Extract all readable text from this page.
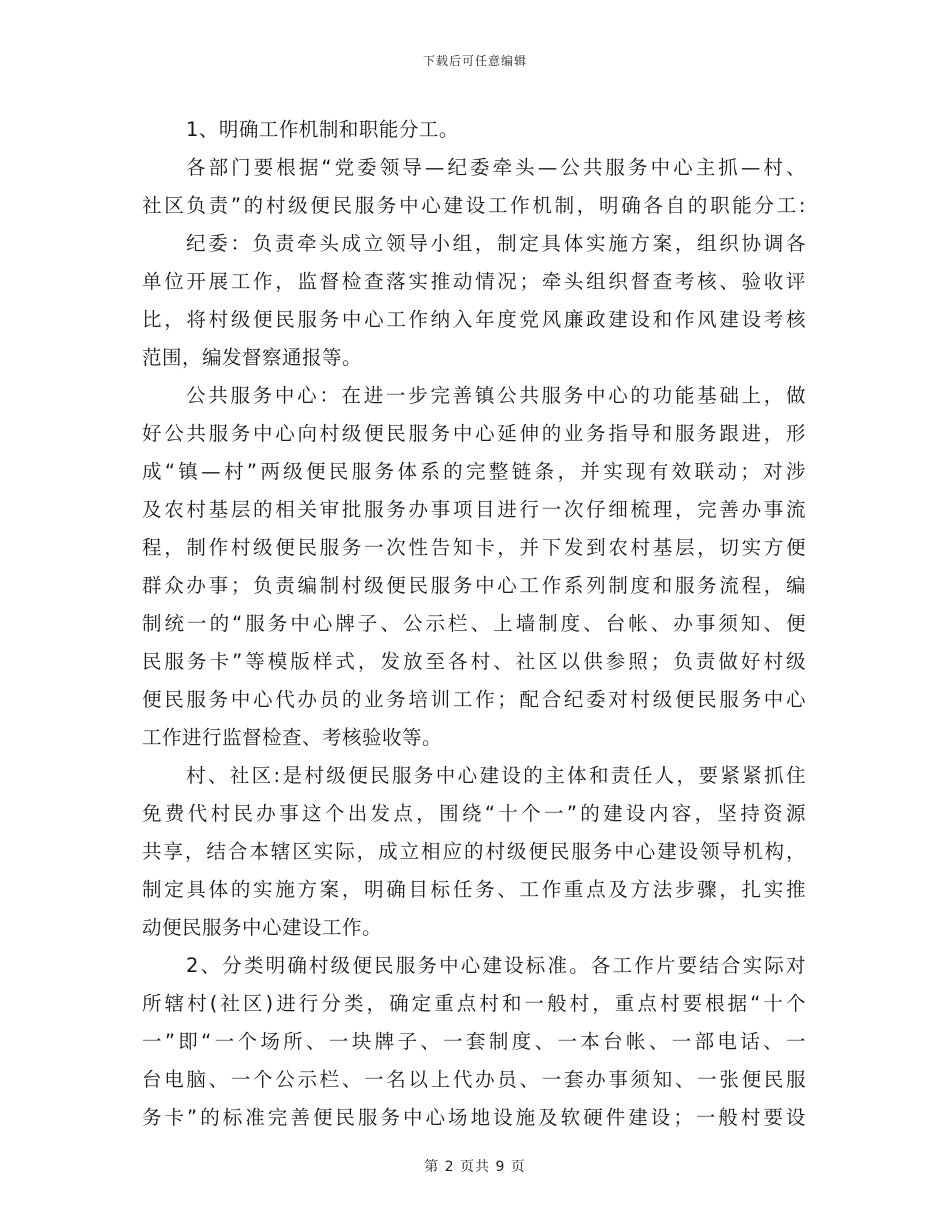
下载后可任意编辑
1、明确工作机制和职能分工。
各部门要根据“党委领导—纪委牵头—公共服务中心主抓—村、
社区负责”的村级便民服务中心建设工作机制，明确各自的职能分工:
纪委：负责牵头成立领导小组，制定具体实施方案，组织协调各
单位开展工作，监督检查落实推动情况；牵头组织督查考核、验收评
比，将村级便民服务中心工作纳入年度党风廉政建设和作风建设考核
范围，编发督察通报等。
公共服务中心：在进一步完善镇公共服务中心的功能基础上，做
好公共服务中心向村级便民服务中心延伸的业务指导和服务跟进，形
成“镇—村”两级便民服务体系的完整链条，并实现有效联动；对涉
及农村基层的相关审批服务办事项目进行一次仔细梳理，完善办事流
程，制作村级便民服务一次性告知卡，并下发到农村基层，切实方便
群众办事；负责编制村级便民服务中心工作系列制度和服务流程，编
制统一的“服务中心牌子、公示栏、上墙制度、台帐、办事须知、便
民服务卡”等模版样式，发放至各村、社区以供参照；负责做好村级
便民服务中心代办员的业务培训工作；配合纪委对村级便民服务中心
工作进行监督检查、考核验收等。
村、社区:是村级便民服务中心建设的主体和责任人，要紧紧抓住
免费代村民办事这个出发点，围绕“十个一”的建设内容，坚持资源
共享，结合本辖区实际，成立相应的村级便民服务中心建设领导机构，
制定具体的实施方案，明确目标任务、工作重点及方法步骤，扎实推
动便民服务中心建设工作。
2、分类明确村级便民服务中心建设标准。各工作片要结合实际对
所辖村(社区)进行分类，确定重点村和一般村，重点村要根据“十个
一”即“一个场所、一块牌子、一套制度、一本台帐、一部电话、一
台电脑、一个公示栏、一名以上代办员、一套办事须知、一张便民服
务卡”的标准完善便民服务中心场地设施及软硬件建设；一般村要设
第 2 页共 9 页
